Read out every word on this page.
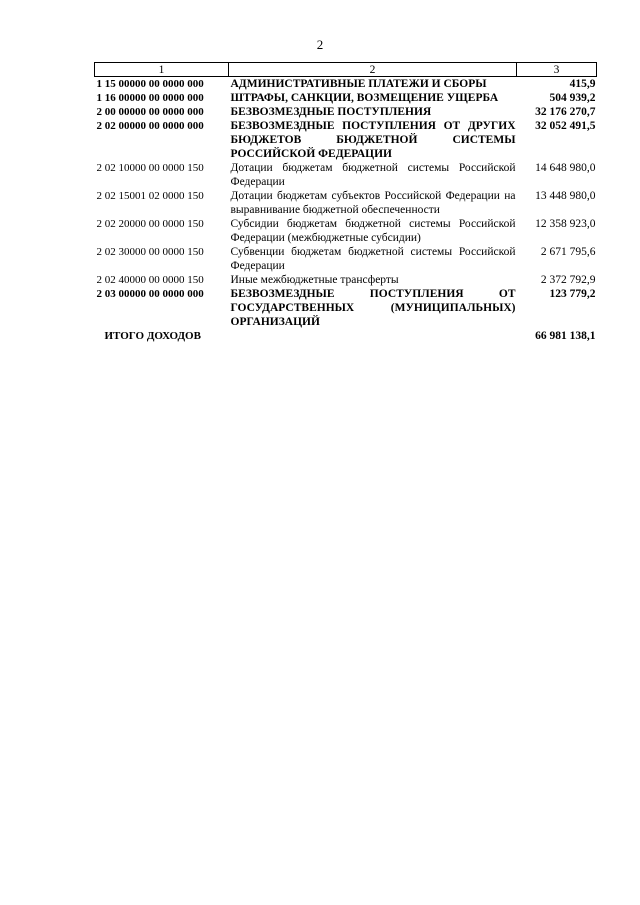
2
1	2	3
1 15 00000 00 0000 000	АДМИНИСТРАТИВНЫЕ ПЛАТЕЖИ И СБОРЫ	415,9
1 16 00000 00 0000 000	ШТРАФЫ, САНКЦИИ, ВОЗМЕЩЕНИЕ УЩЕРБА	504 939,2
2 00 00000 00 0000 000	БЕЗВОЗМЕЗДНЫЕ ПОСТУПЛЕНИЯ	32 176 270,7
2 02 00000 00 0000 000	БЕЗВОЗМЕЗДНЫЕ ПОСТУПЛЕНИЯ ОТ ДРУГИХ БЮДЖЕТОВ БЮДЖЕТНОЙ СИСТЕМЫ РОССИЙСКОЙ ФЕДЕРАЦИИ	32 052 491,5
2 02 10000 00 0000 150	Дотации бюджетам бюджетной системы Российской Федерации	14 648 980,0
2 02 15001 02 0000 150	Дотации бюджетам субъектов Российской Федерации на выравнивание бюджетной обеспеченности	13 448 980,0
2 02 20000 00 0000 150	Субсидии бюджетам бюджетной системы Российской Федерации (межбюджетные субсидии)	12 358 923,0
2 02 30000 00 0000 150	Субвенции бюджетам бюджетной системы Российской Федерации	2 671 795,6
2 02 40000 00 0000 150	Иные межбюджетные трансферты	2 372 792,9
2 03 00000 00 0000 000	БЕЗВОЗМЕЗДНЫЕ ПОСТУПЛЕНИЯ ОТ ГОСУДАРСТВЕННЫХ (МУНИЦИПАЛЬНЫХ) ОРГАНИЗАЦИЙ	123 779,2
ИТОГО ДОХОДОВ		66 981 138,1
